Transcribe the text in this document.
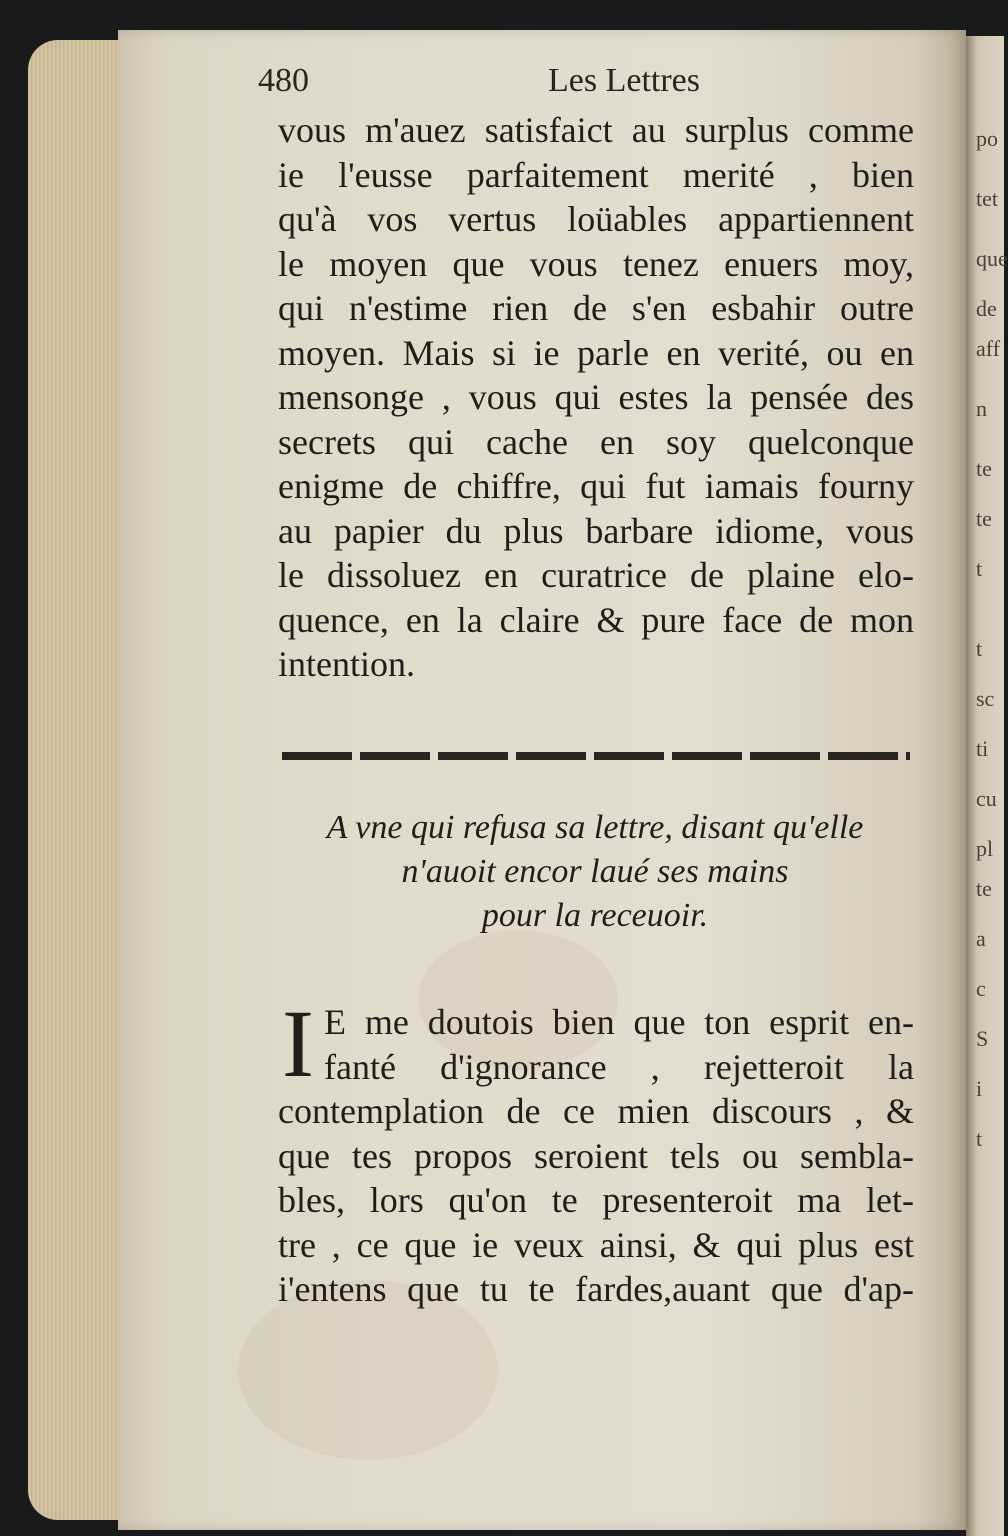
po
tet
que
de
aff
n
te
te
t
t
sc
ti
cu
pl
te
a
c
S
i
t
480	Les Lettres
vous m'auez satisfaict au surplus comme
ie l'eusse parfaitement merité , bien
qu'à vos vertus loüables appartiennent
le moyen que vous tenez enuers moy,
qui n'estime rien de s'en esbahir outre
moyen. Mais si ie parle en verité, ou en
mensonge , vous qui estes la pensée des
secrets qui cache en soy quelconque
enigme de chiffre, qui fut iamais fourny
au papier du plus barbare idiome, vous
le dissoluez en curatrice de plaine elo-
quence, en la claire & pure face de mon
intention.
A vne qui refusa sa lettre, disant qu'elle
n'auoit encor laué ses mains
pour la receuoir.
I E me doutois bien que ton esprit en-
fanté d'ignorance , rejetteroit la
contemplation de ce mien discours , &
que tes propos seroient tels ou sembla-
bles, lors qu'on te presenteroit ma let-
tre , ce que ie veux ainsi, & qui plus est
i'entens que tu te fardes,auant que d'ap-
